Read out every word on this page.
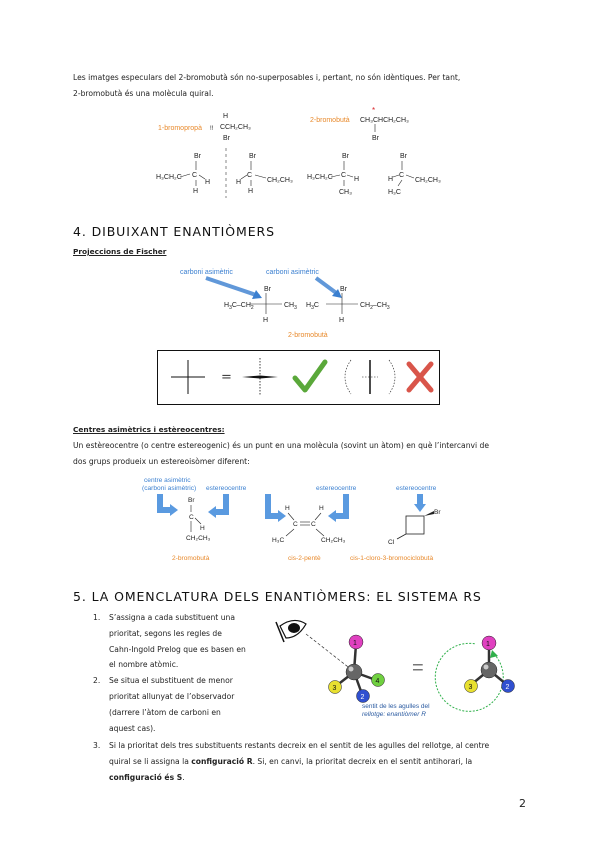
Les imatges especulars del 2-bromobutà són no-superposables i, pertant, no són idèntiques. Per tant,
2-bromobutà és una molècula quiral.
1-bromopropà !!
H
CCH₂CH₃
Br
2-bromobutà
*
CH₃CHCH₂CH₃
Br
Br
H₃CH₂C C
H
H
Br
H
C
CH₂CH₃
H
Br
H₃CH₂C C
H
CH₃
Br
H
C
CH₂CH₃
H₃C
4. DIBUIXANT ENANTIÒMERS
Projeccions de Fischer
carboni asimètric	carboni asimètric
Br
$H_3C-CH_2$	$CH_3$
H
Br
$H_3C$	$CH_2-CH_3$
H
2-bromobutà
=
Centres asimètrics i estèreocentres:
Un estèreocentre (o centre estereogenic) és un punt en una molècula (sovint un àtom) en què l’intercanvi de
dos grups produeix un estereoisòmer diferent:
centre asimètric
(carboni asimètric) estereocentre	estereocentre	estereocentre
Br
C
H
CH₂CH₃
2-bromobutà
H	H
C C
H₃C	CH₂CH₃
cis-2-pentè
Br
Cl
cis-1-cloro-3-bromociclobutà
5. LA OMENCLATURA DELS ENANTIÒMERS: EL SISTEMA RS
1. S’assigna a cada substituent una
prioritat, segons les regles de
Cahn-Ingold Prelog que es basen en
el nombre atòmic.
2. Se situa el substituent de menor
prioritat allunyat de l’observador
(darrere l’àtom de carboni en
aquest cas).
3. Si la prioritat dels tres substituents restants decreix en el sentit de les agulles del rellotge, al centre
quiral se li assigna la configuració R. Si, en canvi, la prioritat decreix en el sentit antihorari, la
configuració és S.
1
3
4
2
sentit de les agulles del
rellotge: enantiòmer R
=
1
3	2
2
